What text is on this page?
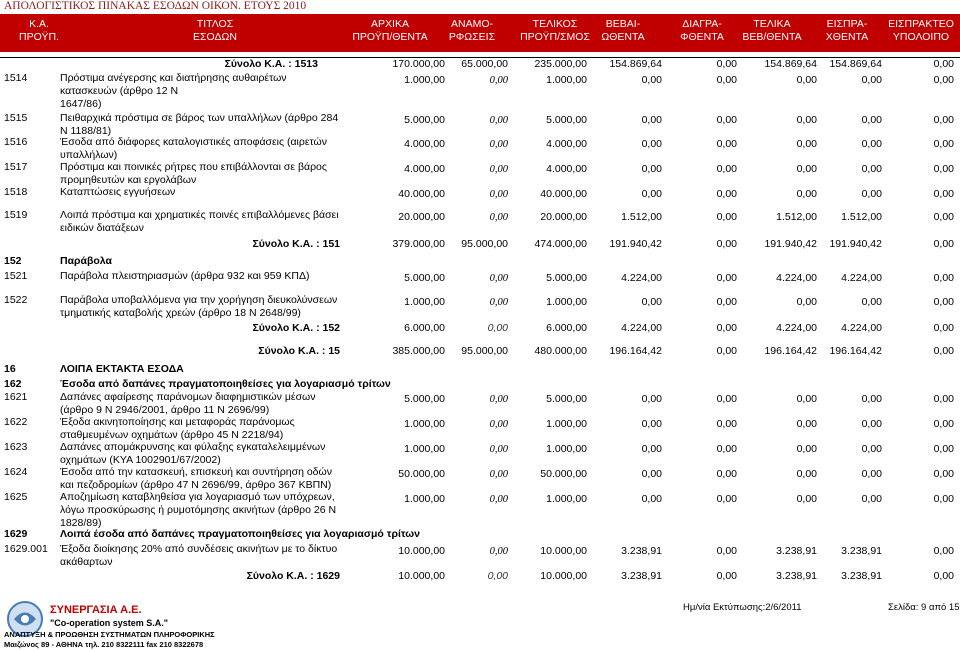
ΑΠΟΛΟΓΙΣΤΙΚΟΣ ΠΙΝΑΚΑΣ ΕΣΟΔΩΝ ΟΙΚΟΝ. ΕΤΟΥΣ 2010
Κ.Α.
ΠΡΟΫΠ.
ΤΙΤΛΟΣ
ΕΣΟΔΩΝ
ΑΡΧΙΚΑ
ΠΡΟΫΠ/ΘΕΝΤΑ
ΑΝΑΜΟ-
ΡΦΩΣΕΙΣ
ΤΕΛΙΚΟΣ
ΠΡΟΫΠ/ΣΜΟΣ
ΒΕΒΑΙ-
ΩΘΕΝΤΑ
ΔΙΑΓΡΑ-
ΦΘΕΝΤΑ
ΤΕΛΙΚΑ
ΒΕΒ/ΘΕΝΤΑ
ΕΙΣΠΡΑ-
ΧΘΕΝΤΑ
ΕΙΣΠΡΑΚΤΕΟ
ΥΠΟΛΟΙΠΟ
Σύνολο Κ.Α. : 1513	170.000,00 65.000,00	235.000,00 154.869,64	0,00	154.869,64 154.869,64	0,00
1514	Πρόστιμα ανέγερσης και διατήρησης αυθαιρέτων
κατασκευών (άρθρο 12 Ν
1647/86)
1.000,00	0,00	1.000,00	0,00	0,00	0,00	0,00	0,00
1515	Πειθαρχικά πρόστιμα σε βάρος των υπαλλήλων (άρθρο 284
Ν 1188/81)
5.000,00	0,00	5.000,00	0,00	0,00	0,00	0,00	0,00
1516	Έσοδα από διάφορες καταλογιστικές αποφάσεις (αιρετών
υπαλλήλων)
4.000,00	0,00	4.000,00	0,00	0,00	0,00	0,00	0,00
1517	Πρόστιμα και ποινικές ρήτρες που επιβάλλονται σε βάρος
προμηθευτών και εργολάβων
4.000,00	0,00	4.000,00	0,00	0,00	0,00	0,00	0,00
1518	Καταπτώσεις εγγυήσεων	40.000,00	0,00	40.000,00	0,00	0,00	0,00	0,00	0,00
1519	Λοιπά πρόστιμα και χρηματικές ποινές επιβαλλόμενες βάσει
ειδικών διατάξεων
20.000,00	0,00	20.000,00	1.512,00	0,00	1.512,00 1.512,00	0,00
Σύνολο Κ.Α. : 151	379.000,00 95.000,00	474.000,00 191.940,42	0,00	191.940,42 191.940,42	0,00
152	Παράβολα
1521	Παράβολα πλειστηριασμών (άρθρα 932 και 959 ΚΠΔ)	5.000,00	0,00	5.000,00	4.224,00	0,00	4.224,00 4.224,00	0,00
1522	Παράβολα υποβαλλόμενα για την χορήγηση διευκολύνσεων
τμηματικής καταβολής χρεών (άρθρο 18 Ν 2648/99)
1.000,00	0,00	1.000,00	0,00	0,00	0,00	0,00	0,00
Σύνολο Κ.Α. : 152	6.000,00	0,00	6.000,00	4.224,00	0,00	4.224,00 4.224,00	0,00
Σύνολο Κ.Α. : 15	385.000,00 95.000,00	480.000,00 196.164,42	0,00	196.164,42 196.164,42	0,00
16	ΛΟΙΠΑ ΕΚΤΑΚΤΑ ΕΣΟΔΑ
162	Έσοδα από δαπάνες πραγματοποιηθείσες για λογαριασμό τρίτων
1621	Δαπάνες αφαίρεσης παράνομων διαφημιστικών μέσων
(άρθρο 9 Ν 2946/2001, άρθρο 11 Ν 2696/99)
5.000,00	0,00	5.000,00	0,00	0,00	0,00	0,00	0,00
1622	Έξοδα ακινητοποίησης και μεταφοράς παράνομως
σταθμευμένων οχημάτων (άρθρο 45 Ν 2218/94)
1.000,00	0,00	1.000,00	0,00	0,00	0,00	0,00	0,00
1623	Δαπάνες απομάκρυνσης και φύλαξης εγκαταλελειμμένων
οχημάτων (ΚΥΑ 1002901/67/2002)
1.000,00	0,00	1.000,00	0,00	0,00	0,00	0,00	0,00
1624	Έσοδα από την κατασκευή, επισκευή και συντήρηση οδών
και πεζοδρομίων (άρθρο 47 Ν 2696/99, άρθρο 367 ΚΒΠΝ)
50.000,00	0,00	50.000,00	0,00	0,00	0,00	0,00	0,00
1625	Αποζημίωση καταβληθείσα για λογαριασμό των υπόχρεων,
λόγω προσκύρωσης ή ρυμοτόμησης ακινήτων (άρθρο 26 Ν
1828/89)
1.000,00	0,00	1.000,00	0,00	0,00	0,00	0,00	0,00
1629	Λοιπά έσοδα από δαπάνες πραγματοποιηθείσες για λογαριασμό τρίτων
1629.001 Έξοδα διοίκησης 20% από συνδέσεις ακινήτων με το δίκτυο
ακάθαρτων
10.000,00	0,00	10.000,00	3.238,91	0,00	3.238,91 3.238,91	0,00
Σύνολο Κ.Α. : 1629	10.000,00	0,00	10.000,00	3.238,91	0,00	3.238,91 3.238,91	0,00
ΣΥΝΕΡΓΑΣΙΑ Α.Ε.
"Co-operation system S.A."
ΑΝΑΠΤΥΞΗ & ΠΡΟΩΘΗΣΗ ΣΥΣΤΗΜΑΤΩΝ ΠΛΗΡΟΦΟΡΙΚΗΣ
Μαιζώνος 89 - ΑΘΗΝΑ τηλ. 210 8322111 fax 210 8322678
Ημ/νία Εκτύπωσης:2/6/2011	Σελίδα: 9 από 15
